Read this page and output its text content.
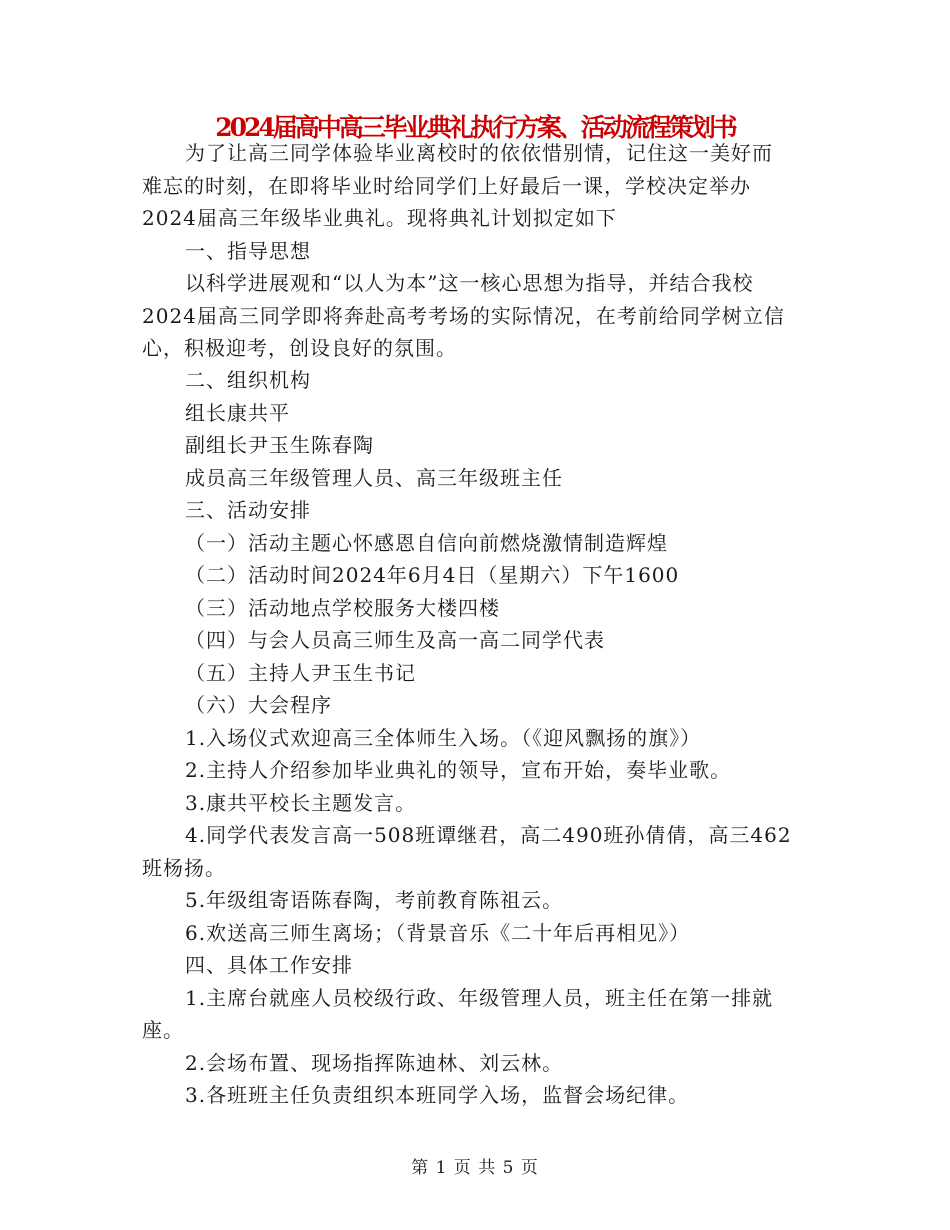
2024届高中高三毕业典礼执行方案、活动流程策划书
为了让高三同学体验毕业离校时的依依惜别情，记住这一美好而
难忘的时刻，在即将毕业时给同学们上好最后一课，学校决定举办
2024届高三年级毕业典礼。现将典礼计划拟定如下
一、指导思想
以科学进展观和“以人为本”这一核心思想为指导，并结合我校
2024届高三同学即将奔赴高考考场的实际情况，在考前给同学树立信
心，积极迎考，创设良好的氛围。
二、组织机构
组长康共平
副组长尹玉生陈春陶
成员高三年级管理人员、高三年级班主任
三、活动安排
（一）活动主题心怀感恩自信向前燃烧激情制造辉煌
（二）活动时间2024年6月4日（星期六）下午1600
（三）活动地点学校服务大楼四楼
（四）与会人员高三师生及高一高二同学代表
（五）主持人尹玉生书记
（六）大会程序
1.入场仪式欢迎高三全体师生入场。（《迎风飘扬的旗》）
2.主持人介绍参加毕业典礼的领导，宣布开始，奏毕业歌。
3.康共平校长主题发言。
4.同学代表发言高一508班谭继君，高二490班孙倩倩，高三462
班杨扬。
5.年级组寄语陈春陶，考前教育陈祖云。
6.欢送高三师生离场；（背景音乐《二十年后再相见》）
四、具体工作安排
1.主席台就座人员校级行政、年级管理人员，班主任在第一排就
座。
2.会场布置、现场指挥陈迪林、刘云林。
3.各班班主任负责组织本班同学入场，监督会场纪律。
第 1 页 共 5 页
